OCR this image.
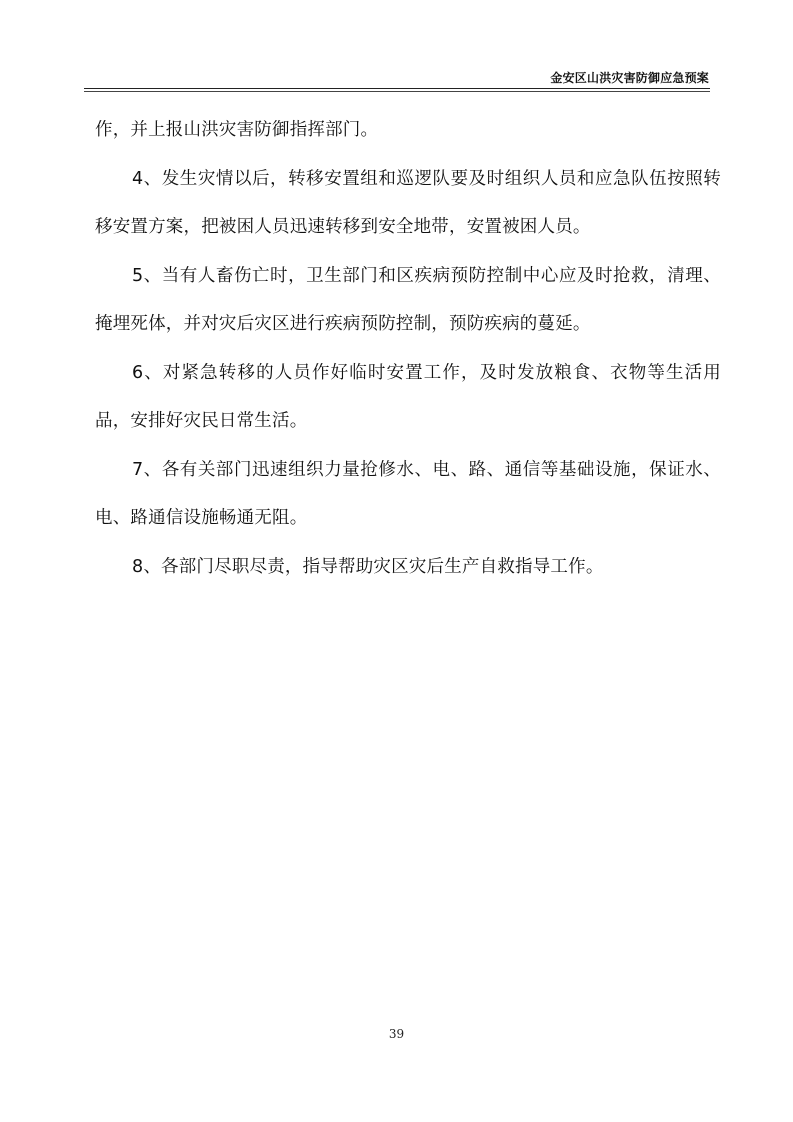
金安区山洪灾害防御应急预案

作，并上报山洪灾害防御指挥部门。

4、发生灾情以后，转移安置组和巡逻队要及时组织人员和应急队伍按照转移安置方案，把被困人员迅速转移到安全地带，安置被困人员。

5、当有人畜伤亡时，卫生部门和区疾病预防控制中心应及时抢救，清理、掩埋死体，并对灾后灾区进行疾病预防控制，预防疾病的蔓延。

6、对紧急转移的人员作好临时安置工作，及时发放粮食、衣物等生活用品，安排好灾民日常生活。

7、各有关部门迅速组织力量抢修水、电、路、通信等基础设施，保证水、电、路通信设施畅通无阻。

8、各部门尽职尽责，指导帮助灾区灾后生产自救指导工作。

39
